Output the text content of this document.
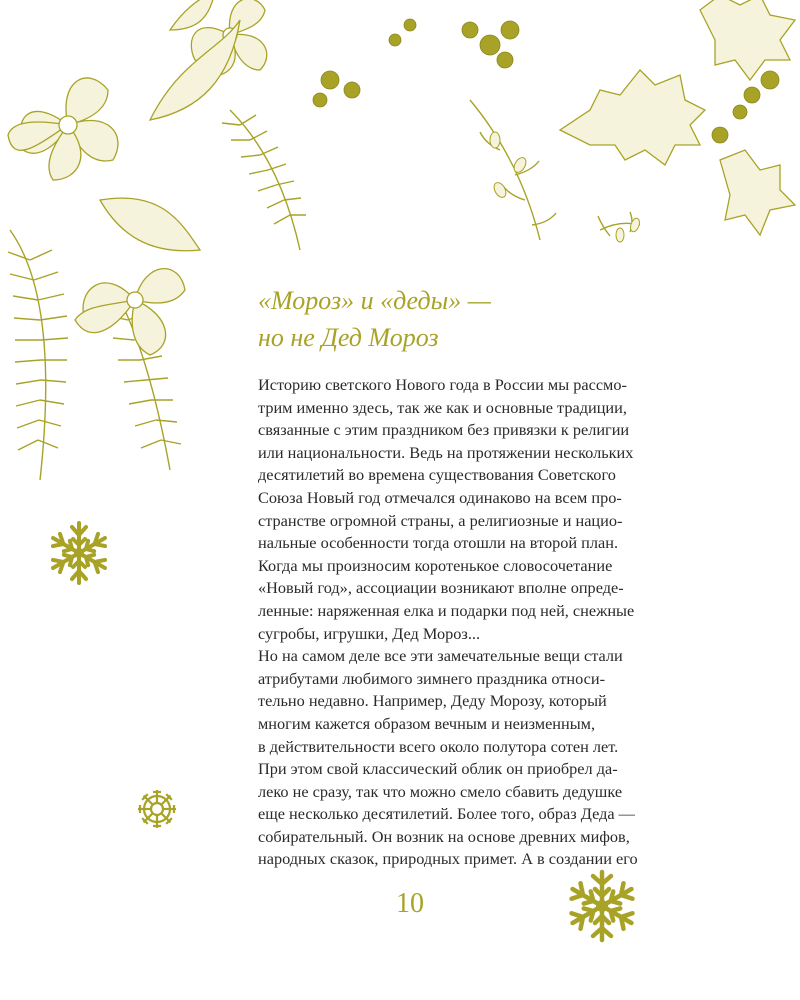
«Мороз» и «деды» —
но не Дед Мороз
Историю светского Нового года в России мы рассмо-
трим именно здесь, так же как и основные традиции,
связанные с этим праздником без привязки к религии
или национальности. Ведь на протяжении нескольких
десятилетий во времена существования Советского
Союза Новый год отмечался одинаково на всем про-
странстве огромной страны, а религиозные и нацио-
нальные особенности тогда отошли на второй план.
Когда мы произносим коротенькое словосочетание
«Новый год», ассоциации возникают вполне опреде-
ленные: наряженная елка и подарки под ней, снежные
сугробы, игрушки, Дед Мороз...
Но на самом деле все эти замечательные вещи стали
атрибутами любимого зимнего праздника относи-
тельно недавно. Например, Деду Морозу, который
многим кажется образом вечным и неизменным,
в действительности всего около полутора сотен лет.
При этом свой классический облик он приобрел да-
леко не сразу, так что можно смело сбавить дедушке
еще несколько десятилетий. Более того, образ Деда —
собирательный. Он возник на основе древних мифов,
народных сказок, природных примет. А в создании его
10
